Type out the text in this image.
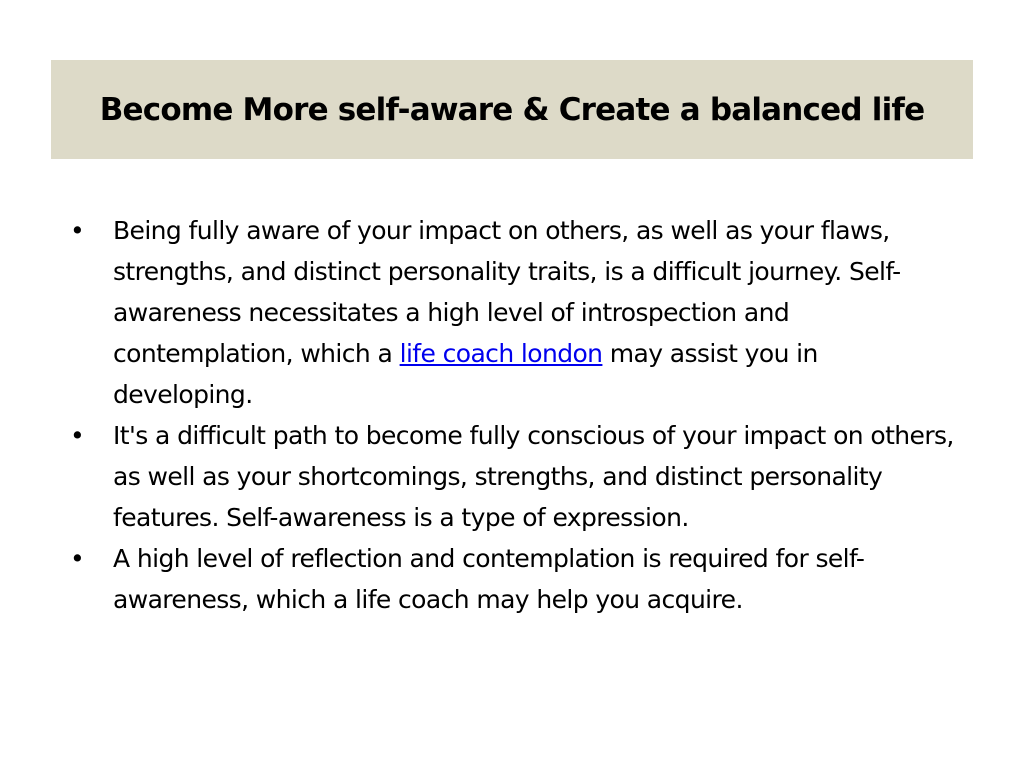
Become More self-aware & Create a balanced life
• Being fully aware of your impact on others, as well as your flaws, strengths, and distinct personality traits, is a difficult journey. Self-awareness necessitates a high level of introspection and contemplation, which a life coach london may assist you in developing.
• It's a difficult path to become fully conscious of your impact on others, as well as your shortcomings, strengths, and distinct personality features. Self-awareness is a type of expression.
• A high level of reflection and contemplation is required for self-awareness, which a life coach may help you acquire.
